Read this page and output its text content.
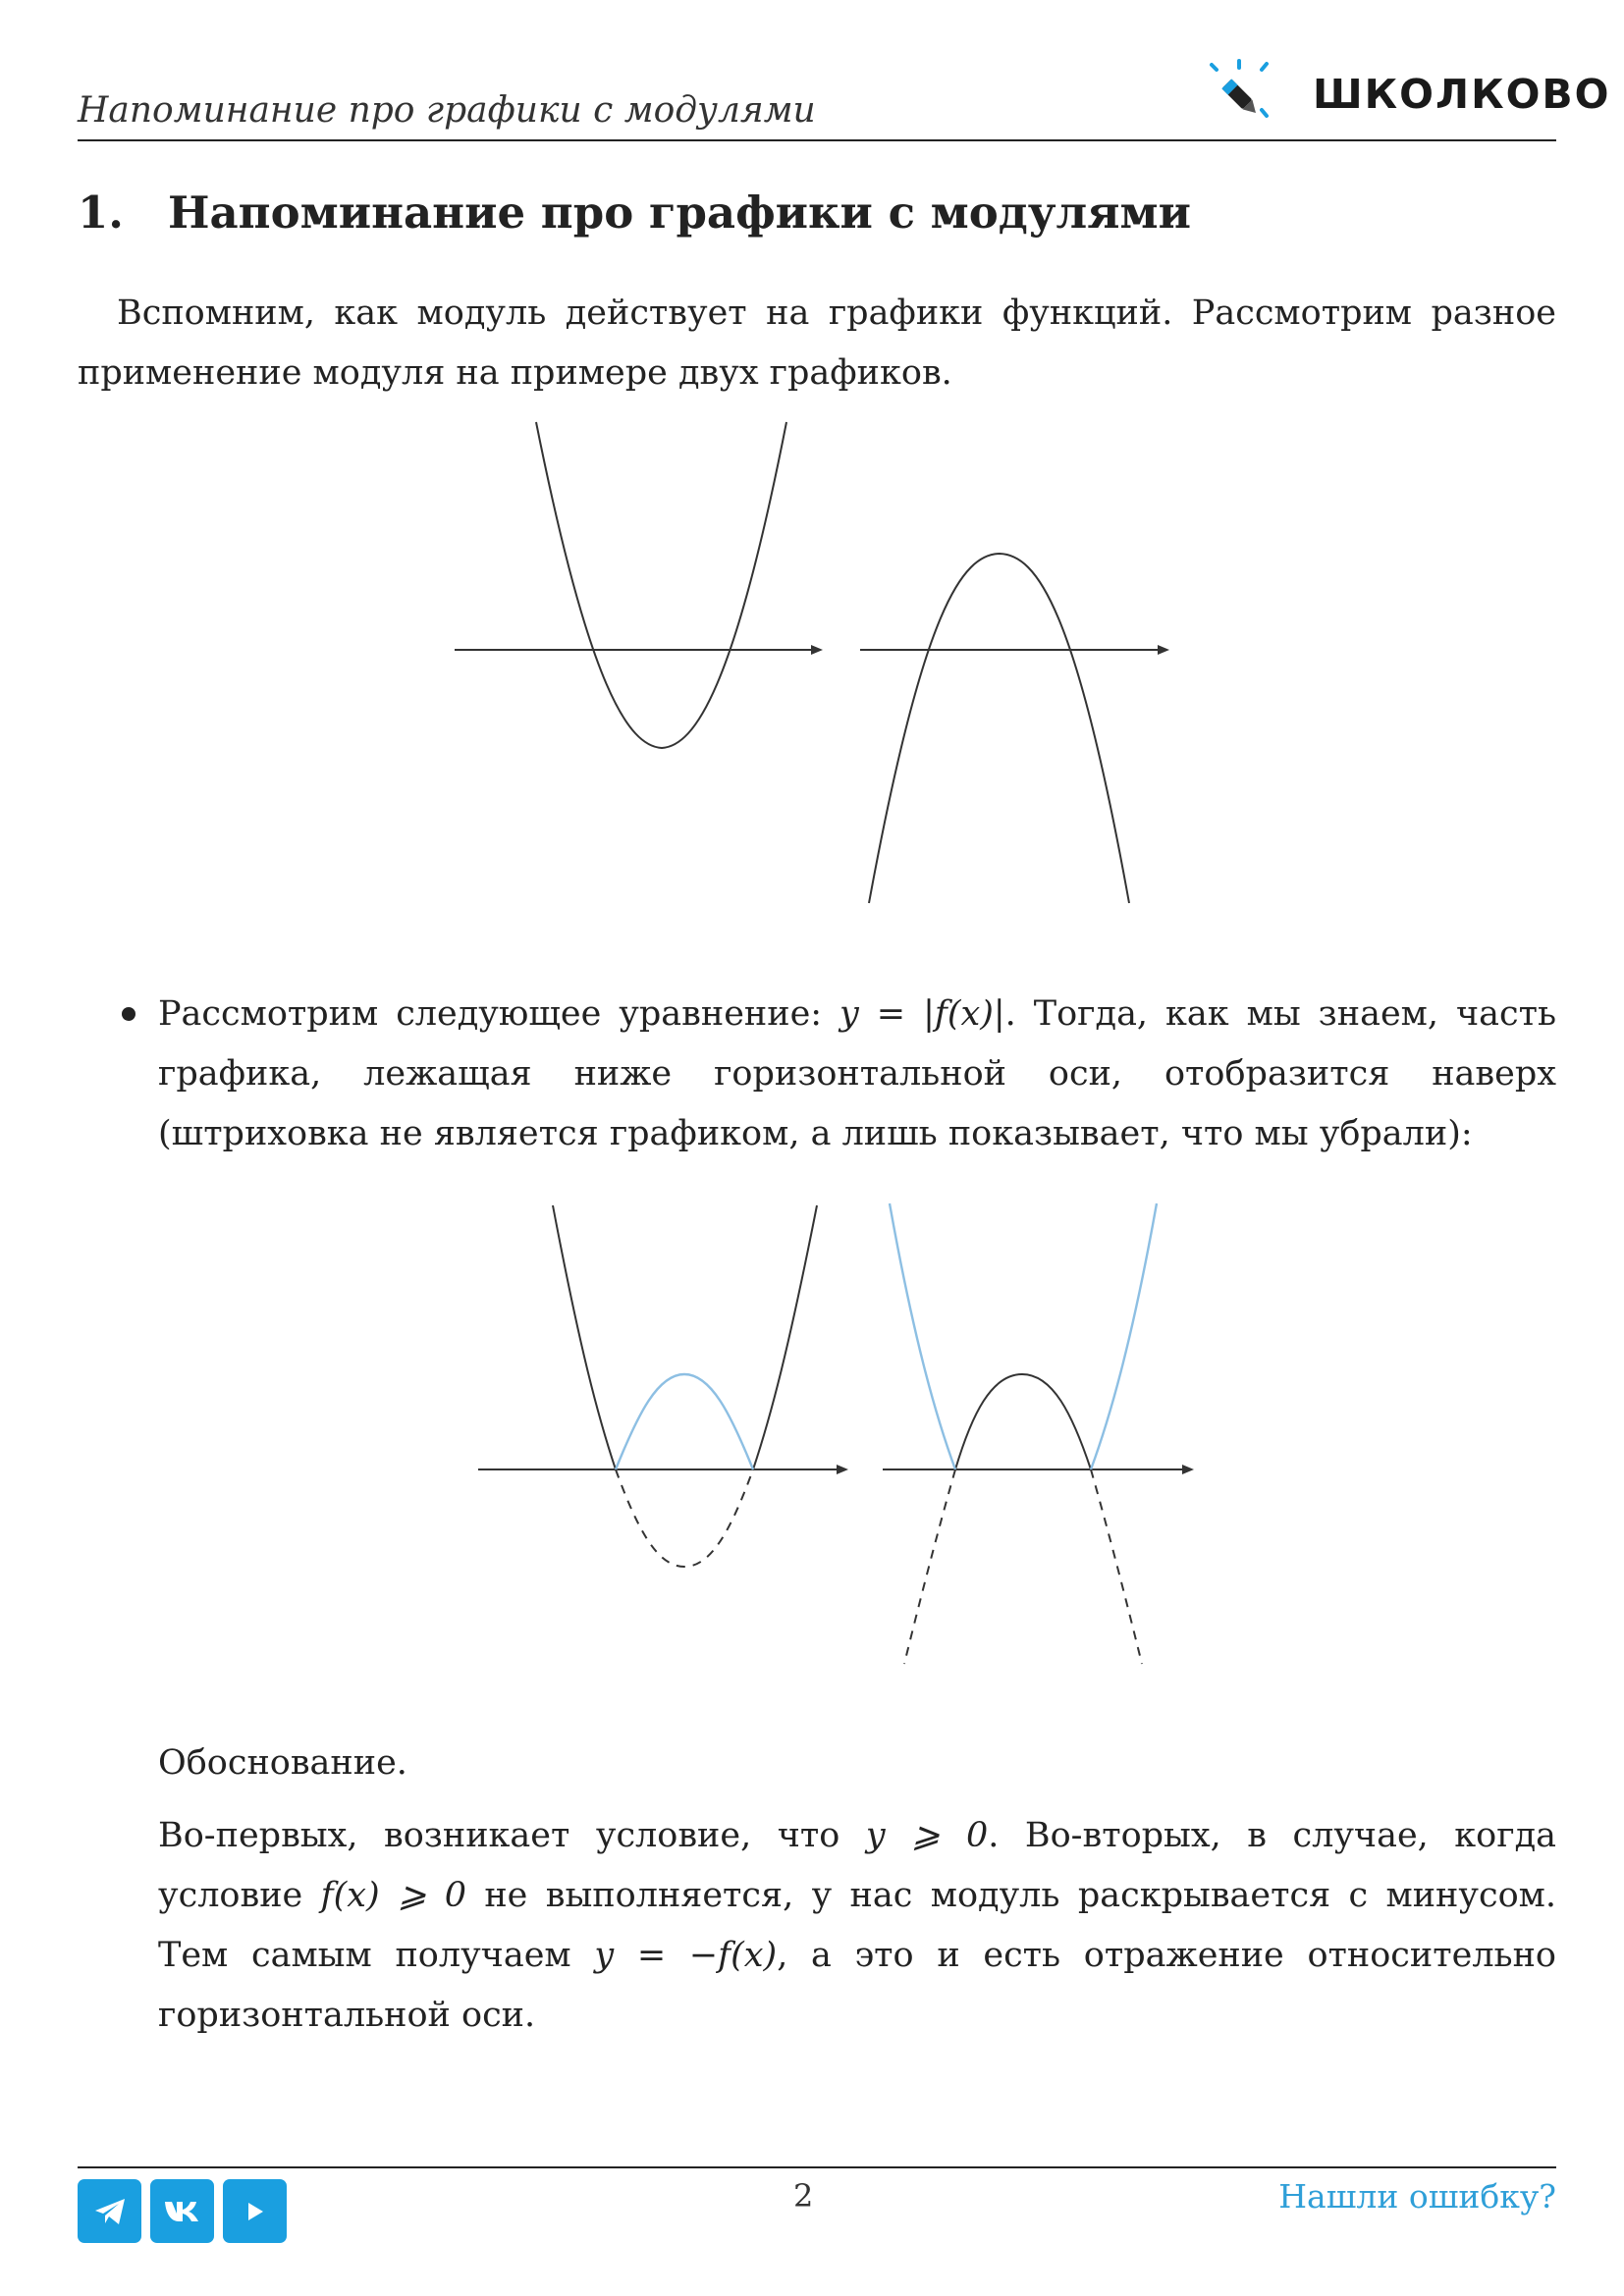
Напоминание про графики с модулями	ШКОЛКОВО
1. Напоминание про графики с модулями

Вспомним, как модуль действует на графики функций. Рассмотрим разное применение модуля на примере двух графиков.

Рассмотрим следующее уравнение: y = |f(x)|. Тогда, как мы знаем, часть графика, лежащая ниже горизонтальной оси, отобразится наверх (штриховка не является графиком, а лишь показывает, что мы убрали):

Обоснование.

Во-первых, возникает условие, что y ⩾ 0. Во-вторых, в случае, когда условие f(x) ⩾ 0 не выполняется, у нас модуль раскрывается с минусом. Тем самым получаем y = −f(x), а это и есть отражение относительно горизонтальной оси.

2	Нашли ошибку?
